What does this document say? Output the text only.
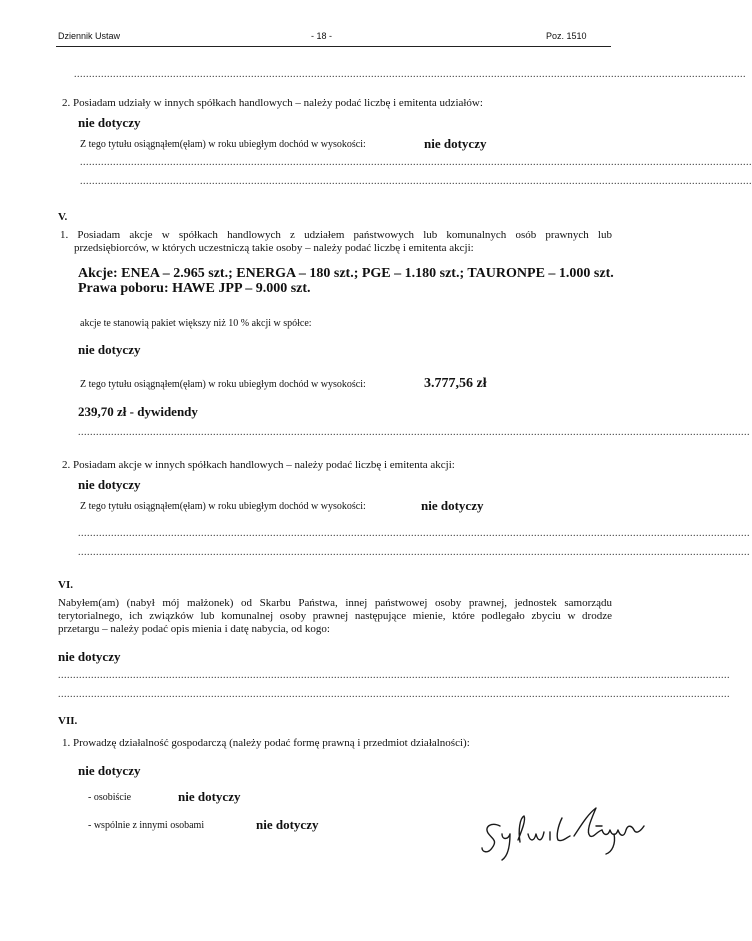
Dziennik Ustaw	- 18 -	Poz. 1510
................................................................................................................................................................................................................................
2. Posiadam udziały w innych spółkach handlowych – należy podać liczbę i emitenta udziałów:
nie dotyczy
Z tego tytułu osiągnąłem(ęłam) w roku ubiegłym dochód w wysokości:	nie dotyczy
................................................................................................................................................................................................................................
................................................................................................................................................................................................................................
V.
1. Posiadam akcje w spółkach handlowych z udziałem państwowych lub komunalnych osób prawnych lub
przedsiębiorców, w których uczestniczą takie osoby – należy podać liczbę i emitenta akcji:
Akcje: ENEA – 2.965 szt.; ENERGA – 180 szt.; PGE – 1.180 szt.; TAURONPE – 1.000 szt.
Prawa poboru: HAWE JPP – 9.000 szt.
akcje te stanowią pakiet większy niż 10 % akcji w spółce:
nie dotyczy
Z tego tytułu osiągnąłem(ęłam) w roku ubiegłym dochód w wysokości:	3.777,56 zł
239,70 zł - dywidendy
................................................................................................................................................................................................................................
2. Posiadam akcje w innych spółkach handlowych – należy podać liczbę i emitenta akcji:
nie dotyczy
Z tego tytułu osiągnąłem(ęłam) w roku ubiegłym dochód w wysokości:	nie dotyczy
................................................................................................................................................................................................................................
................................................................................................................................................................................................................................
VI.
Nabyłem(am) (nabył mój małżonek) od Skarbu Państwa, innej państwowej osoby prawnej, jednostek samorządu
terytorialnego, ich związków lub komunalnej osoby prawnej następujące mienie, które podlegało zbyciu w drodze
przetargu – należy podać opis mienia i datę nabycia, od kogo:
nie dotyczy
................................................................................................................................................................................................................................
................................................................................................................................................................................................................................
VII.
1. Prowadzę działalność gospodarczą (należy podać formę prawną i przedmiot działalności):
nie dotyczy
- osobiście	nie dotyczy
- wspólnie z innymi osobami	nie dotyczy
Sylwia Łukaszewicz
